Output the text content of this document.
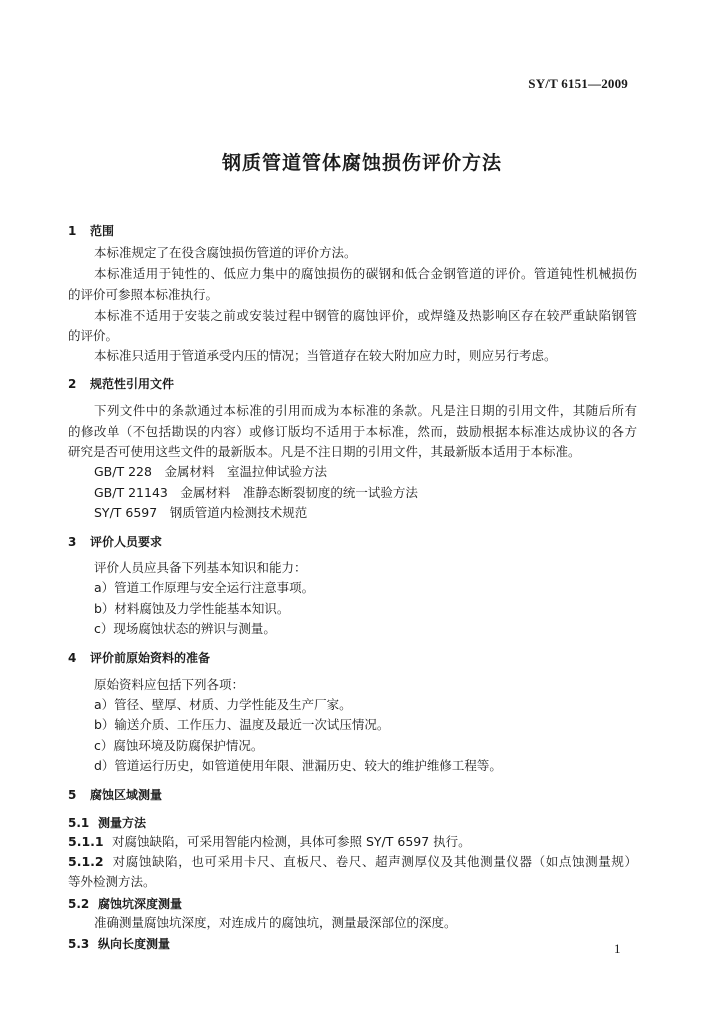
SY/T 6151—2009
钢质管道管体腐蚀损伤评价方法
1 范围
本标准规定了在役含腐蚀损伤管道的评价方法。
本标准适用于钝性的、低应力集中的腐蚀损伤的碳钢和低合金钢管道的评价。管道钝性机械损伤
的评价可参照本标准执行。
本标准不适用于安装之前或安装过程中钢管的腐蚀评价，或焊缝及热影响区存在较严重缺陷钢管
的评价。
本标准只适用于管道承受内压的情况；当管道存在较大附加应力时，则应另行考虑。
2 规范性引用文件
下列文件中的条款通过本标准的引用而成为本标准的条款。凡是注日期的引用文件，其随后所有
的修改单（不包括勘误的内容）或修订版均不适用于本标准，然而，鼓励根据本标准达成协议的各方
研究是否可使用这些文件的最新版本。凡是不注日期的引用文件，其最新版本适用于本标准。
GB/T 228　金属材料　室温拉伸试验方法
GB/T 21143　金属材料　准静态断裂韧度的统一试验方法
SY/T 6597　钢质管道内检测技术规范
3 评价人员要求
评价人员应具备下列基本知识和能力：
a）管道工作原理与安全运行注意事项。
b）材料腐蚀及力学性能基本知识。
c）现场腐蚀状态的辨识与测量。
4 评价前原始资料的准备
原始资料应包括下列各项：
a）管径、壁厚、材质、力学性能及生产厂家。
b）输送介质、工作压力、温度及最近一次试压情况。
c）腐蚀环境及防腐保护情况。
d）管道运行历史，如管道使用年限、泄漏历史、较大的维护维修工程等。
5 腐蚀区域测量
5.1 测量方法
5.1.1 对腐蚀缺陷，可采用智能内检测，具体可参照 SY/T 6597 执行。
5.1.2 对腐蚀缺陷，也可采用卡尺、直板尺、卷尺、超声测厚仪及其他测量仪器（如点蚀测量规）
等外检测方法。
5.2 腐蚀坑深度测量
准确测量腐蚀坑深度，对连成片的腐蚀坑，测量最深部位的深度。
5.3 纵向长度测量	1
